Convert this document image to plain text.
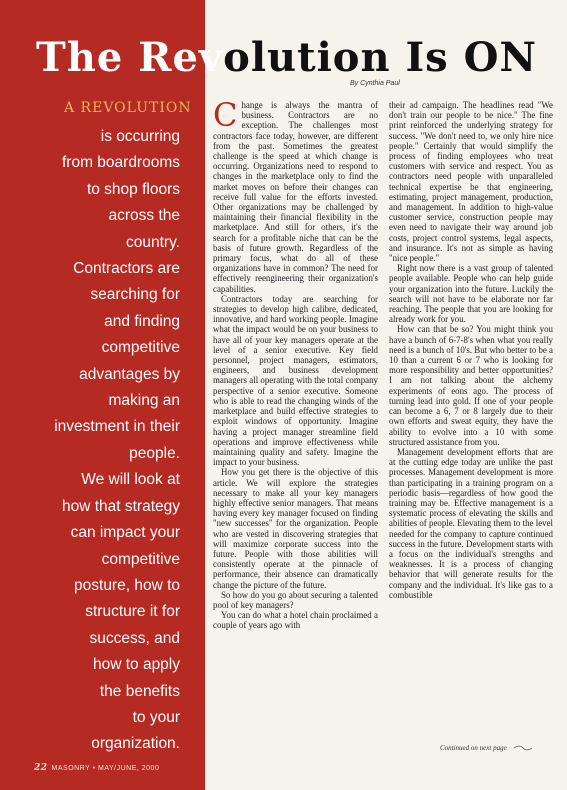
The Revolution Is ON
By Cynthia Paul
A REVOLUTION
is occurring
from boardrooms
to shop floors
across the
country.
Contractors are
searching for
and finding
competitive
advantages by
making an
investment in their
people.
We will look at
how that strategy
can impact your
competitive
posture, how to
structure it for
success, and
how to apply
the benefits
to your
organization.

Change is always the mantra of business. Contractors are no exception. The challenges most contractors face today, however, are different from the past. Sometimes the greatest challenge is the speed at which change is occurring. Organizations need to respond to changes in the marketplace only to find the market moves on before their changes can receive full value for the efforts invested. Other organizations may be challenged by maintaining their financial flexibility in the marketplace. And still for others, it's the search for a profitable niche that can be the basis of future growth. Regardless of the primary focus, what do all of these organizations have in common? The need for effectively reengineering their organization's capabilities.

Contractors today are searching for strategies to develop high calibre, dedicated, innovative, and hard working people. Imagine what the impact would be on your business to have all of your key managers operate at the level of a senior executive. Key field personnel, project managers, estimators, engineers, and business development managers all operating with the total company perspective of a senior executive. Someone who is able to read the changing winds of the marketplace and build effective strategies to exploit windows of opportunity. Imagine having a project manager streamline field operations and improve effectiveness while maintaining quality and safety. Imagine the impact to your business.

How you get there is the objective of this article. We will explore the strategies necessary to make all your key managers highly effective senior managers. That means having every key manager focused on finding "new successes" for the organization. People who are vested in discovering strategies that will maximize corporate success into the future. People with those abilities will consistently operate at the pinnacle of performance, their absence can dramatically change the picture of the future.

So how do you go about securing a talented pool of key managers?

You can do what a hotel chain proclaimed a couple of years ago with

their ad campaign. The headlines read "We don't train our people to be nice." The fine print reinforced the underlying strategy for success. "We don't need to, we only hire nice people." Certainly that would simplify the process of finding employees who treat customers with service and respect. You as contractors need people with unparalleled technical expertise be that engineering, estimating, project management, production, and management. In addition to high-value customer service, construction people may even need to navigate their way around job costs, project control systems, legal aspects, and insurance. It's not as simple as having "nice people."

Right now there is a vast group of talented people available. People who can help guide your organization into the future. Luckily the search will not have to be elaborate nor far reaching. The people that you are looking for already work for you.

How can that be so? You might think you have a bunch of 6-7-8's when what you really need is a bunch of 10's. But who better to be a 10 than a current 6 or 7 who is looking for more responsibility and better opportunities? I am not talking about the alchemy experiments of eons ago. The process of turning lead into gold. If one of your people can become a 6, 7 or 8 largely due to their own efforts and sweat equity, they have the ability to evolve into a 10 with some structured assistance from you.

Management development efforts that are at the cutting edge today are unlike the past processes. Management development is more than participating in a training program on a periodic basis—regardless of how good the training may be. Effective management is a systematic process of elevating the skills and abilities of people. Elevating them to the level needed for the company to capture continued success in the future. Development starts with a focus on the individual's strengths and weaknesses. It is a process of changing behavior that will generate results for the company and the individual. It's like gas to a combustible

Continued on next page
22 MASONRY • MAY/JUNE, 2000
